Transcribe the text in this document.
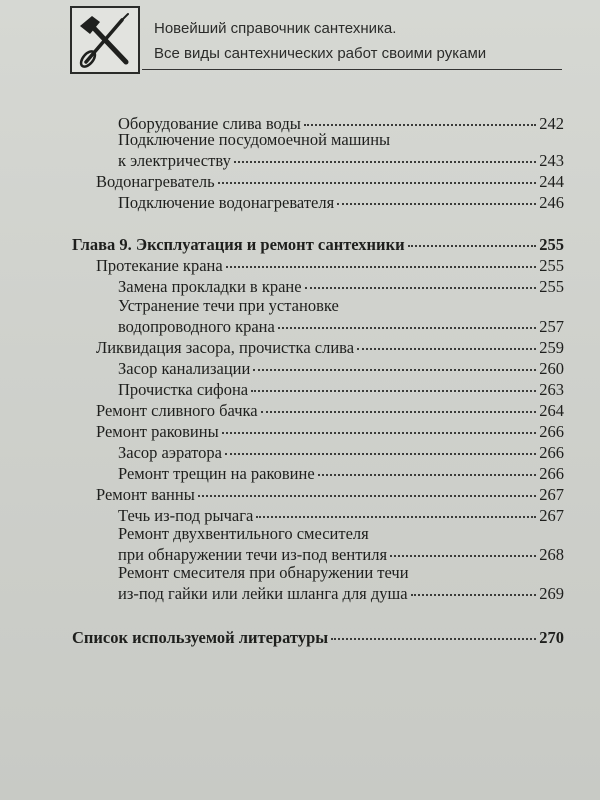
Новейший справочник сантехника.
Все виды сантехнических работ своими руками
Оборудование слива воды	242
Подключение посудомоечной машины
к электричеству	243
Водонагреватель	244
Подключение водонагревателя	246
Глава 9. Эксплуатация и ремонт сантехники	255
Протекание крана	255
Замена прокладки в кране	255
Устранение течи при установке
водопроводного крана	257
Ликвидация засора, прочистка слива	259
Засор канализации	260
Прочистка сифона	263
Ремонт сливного бачка	264
Ремонт раковины	266
Засор аэратора	266
Ремонт трещин на раковине	266
Ремонт ванны	267
Течь из-под рычага	267
Ремонт двухвентильного смесителя
при обнаружении течи из-под вентиля	268
Ремонт смесителя при обнаружении течи
из-под гайки или лейки шланга для душа	269
Список используемой литературы	270
